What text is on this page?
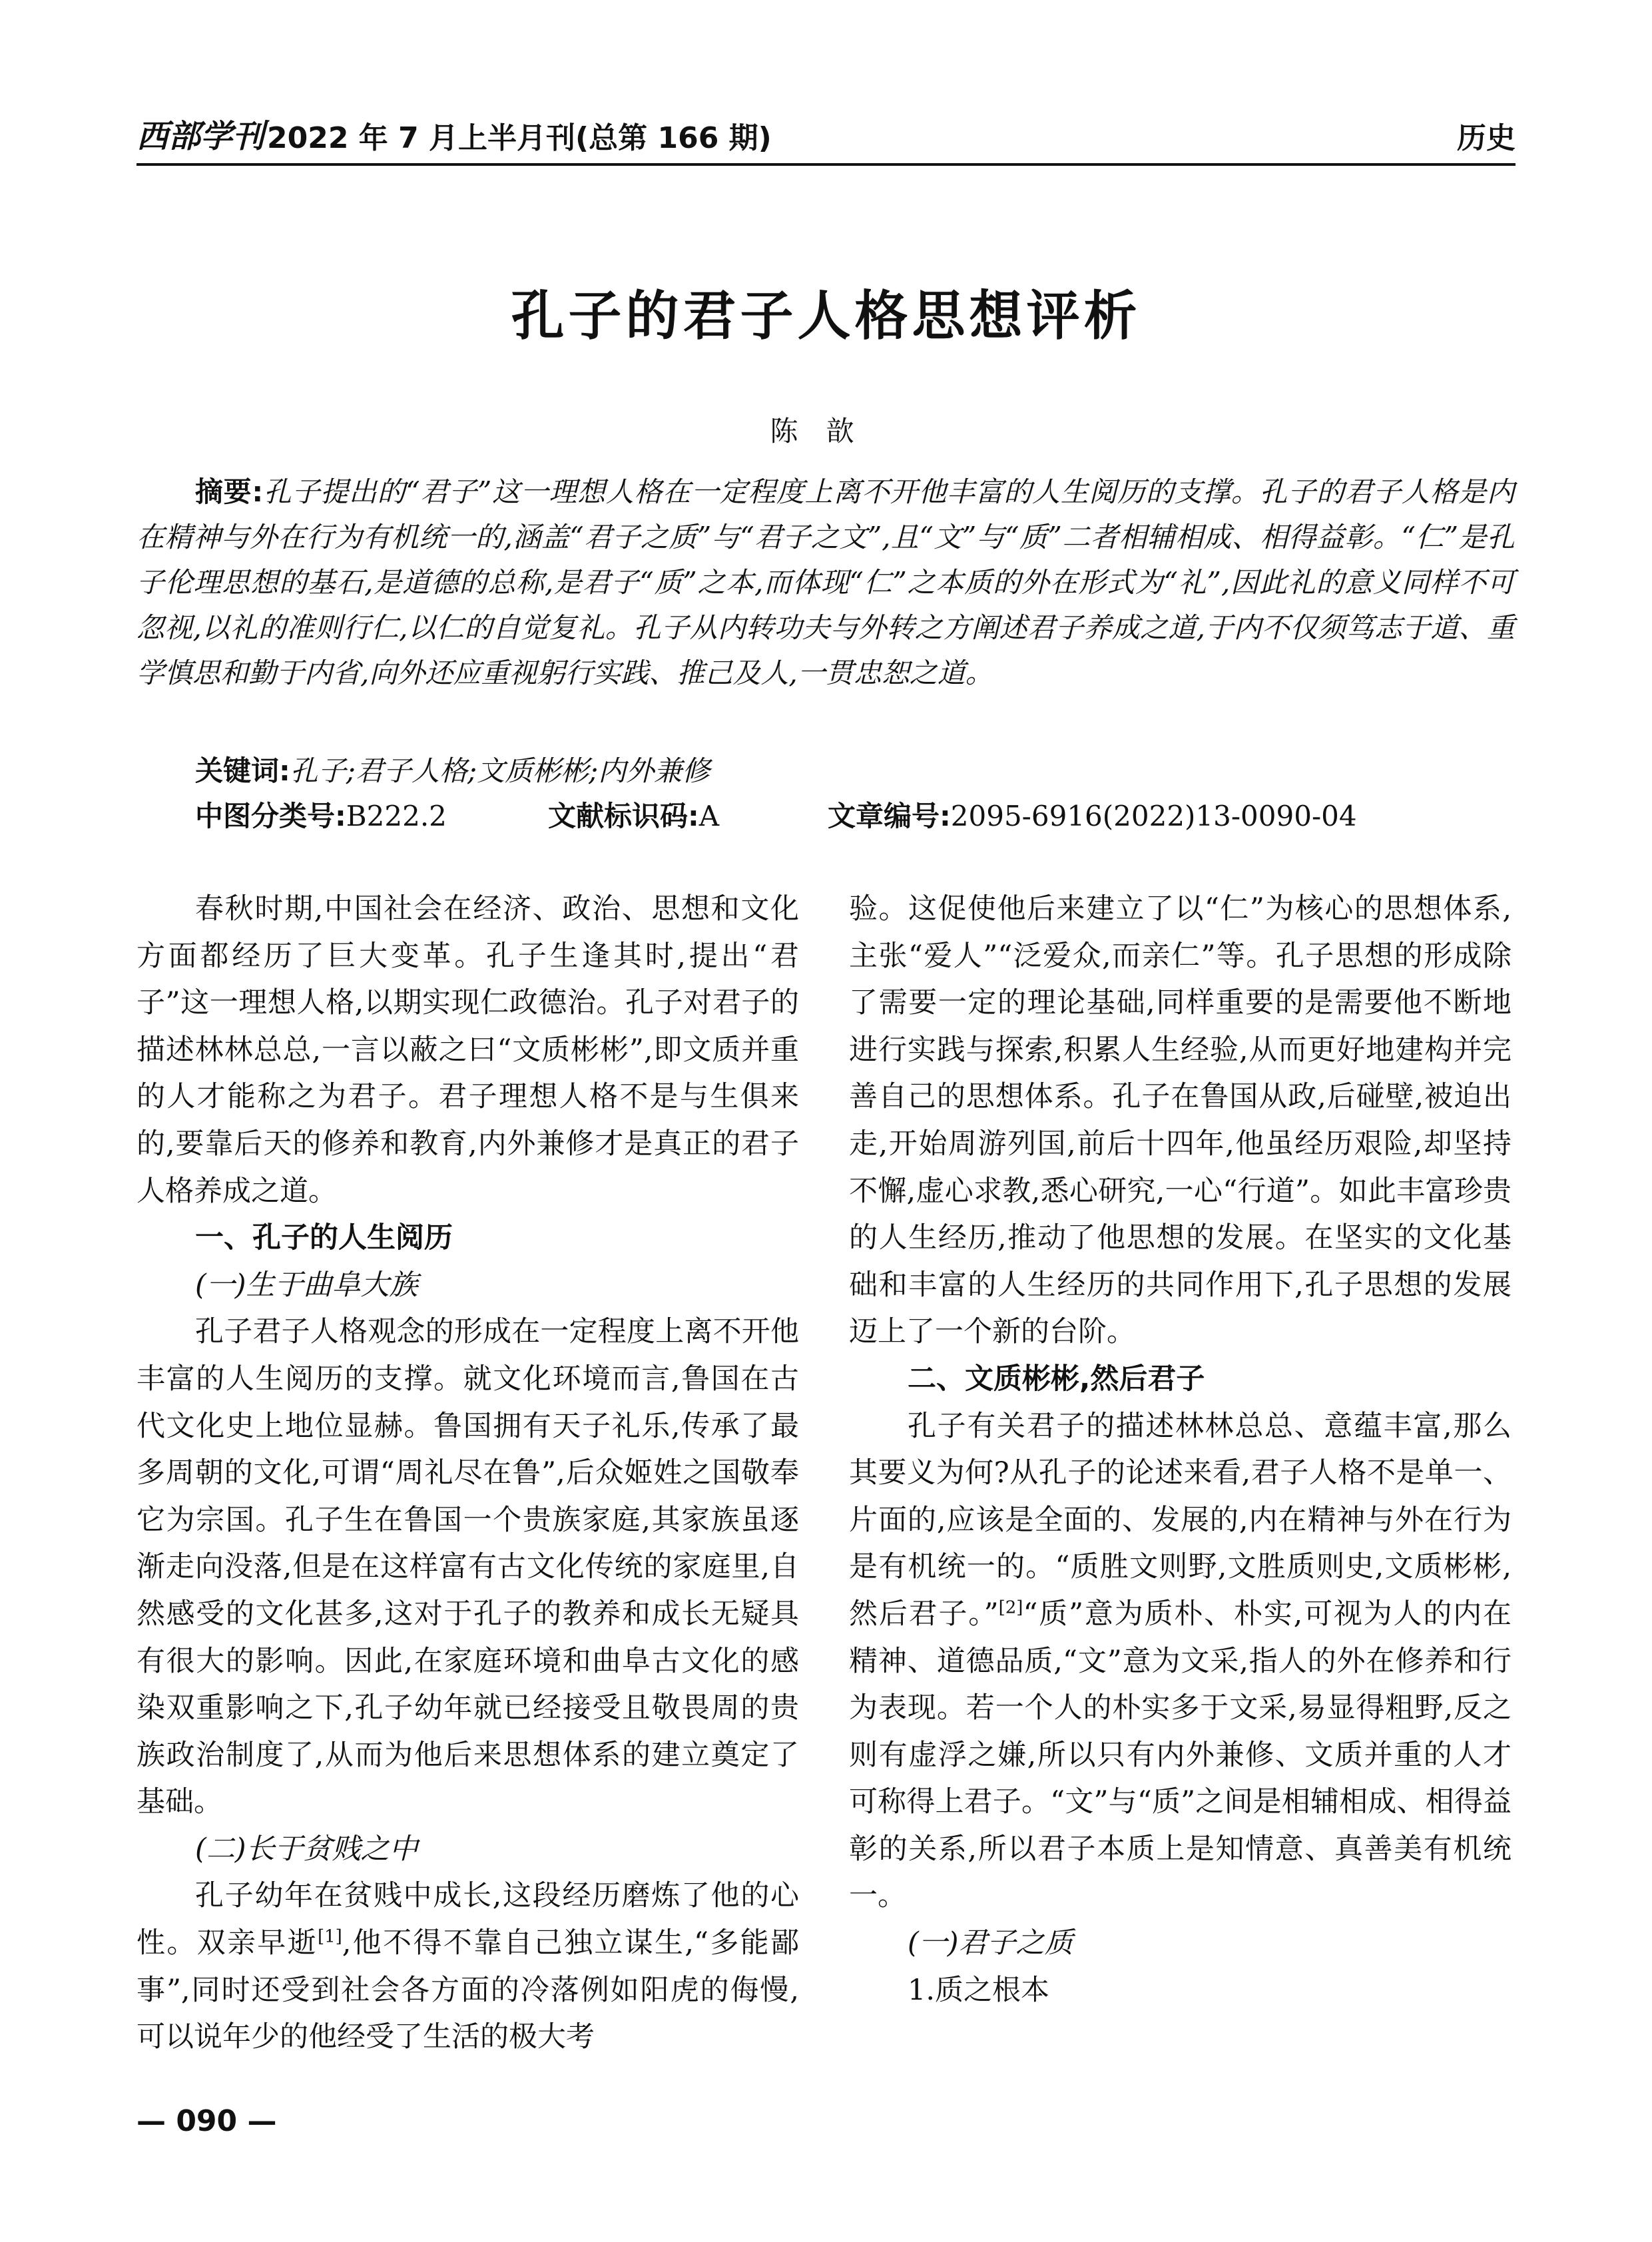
西部学刊 2022 年 7 月上半月刊(总第 166 期)	历史
孔子的君子人格思想评析
陈歆
摘要:孔子提出的“君子”这一理想人格在一定程度上离不开他丰富的人生阅历的支撑。孔子的君子人格是内在精神与外在行为有机统一的,涵盖“君子之质”与“君子之文”,且“文”与“质”二者相辅相成、相得益彰。“仁”是孔子伦理思想的基石,是道德的总称,是君子“质”之本,而体现“仁”之本质的外在形式为“礼”,因此礼的意义同样不可忽视,以礼的准则行仁,以仁的自觉复礼。孔子从内转功夫与外转之方阐述君子养成之道,于内不仅须笃志于道、重学慎思和勤于内省,向外还应重视躬行实践、推己及人,一贯忠恕之道。
关键词:孔子;君子人格;文质彬彬;内外兼修
中图分类号:B222.2	文献标识码:A	文章编号:2095-6916(2022)13-0090-04

春秋时期,中国社会在经济、政治、思想和文化方面都经历了巨大变革。孔子生逢其时,提出“君子”这一理想人格,以期实现仁政德治。孔子对君子的描述林林总总,一言以蔽之曰“文质彬彬”,即文质并重的人才能称之为君子。君子理想人格不是与生俱来的,要靠后天的修养和教育,内外兼修才是真正的君子人格养成之道。

一、孔子的人生阅历

(一)生于曲阜大族

孔子君子人格观念的形成在一定程度上离不开他丰富的人生阅历的支撑。就文化环境而言,鲁国在古代文化史上地位显赫。鲁国拥有天子礼乐,传承了最多周朝的文化,可谓“周礼尽在鲁”,后众姬姓之国敬奉它为宗国。孔子生在鲁国一个贵族家庭,其家族虽逐渐走向没落,但是在这样富有古文化传统的家庭里,自然感受的文化甚多,这对于孔子的教养和成长无疑具有很大的影响。因此,在家庭环境和曲阜古文化的感染双重影响之下,孔子幼年就已经接受且敬畏周的贵族政治制度了,从而为他后来思想体系的建立奠定了基础。

(二)长于贫贱之中

孔子幼年在贫贱中成长,这段经历磨炼了他的心性。双亲早逝[1],他不得不靠自己独立谋生,“多能鄙事”,同时还受到社会各方面的冷落例如阳虎的侮慢,可以说年少的他经受了生活的极大考

验。这促使他后来建立了以“仁”为核心的思想体系,主张“爱人”“泛爱众,而亲仁”等。孔子思想的形成除了需要一定的理论基础,同样重要的是需要他不断地进行实践与探索,积累人生经验,从而更好地建构并完善自己的思想体系。孔子在鲁国从政,后碰壁,被迫出走,开始周游列国,前后十四年,他虽经历艰险,却坚持不懈,虚心求教,悉心研究,一心“行道”。如此丰富珍贵的人生经历,推动了他思想的发展。在坚实的文化基础和丰富的人生经历的共同作用下,孔子思想的发展迈上了一个新的台阶。

二、文质彬彬,然后君子

孔子有关君子的描述林林总总、意蕴丰富,那么其要义为何?从孔子的论述来看,君子人格不是单一、片面的,应该是全面的、发展的,内在精神与外在行为是有机统一的。“质胜文则野,文胜质则史,文质彬彬,然后君子。”[2]“质”意为质朴、朴实,可视为人的内在精神、道德品质,“文”意为文采,指人的外在修养和行为表现。若一个人的朴实多于文采,易显得粗野,反之则有虚浮之嫌,所以只有内外兼修、文质并重的人才可称得上君子。“文”与“质”之间是相辅相成、相得益彰的关系,所以君子本质上是知情意、真善美有机统一。

(一)君子之质

1.质之根本

— 090 —
